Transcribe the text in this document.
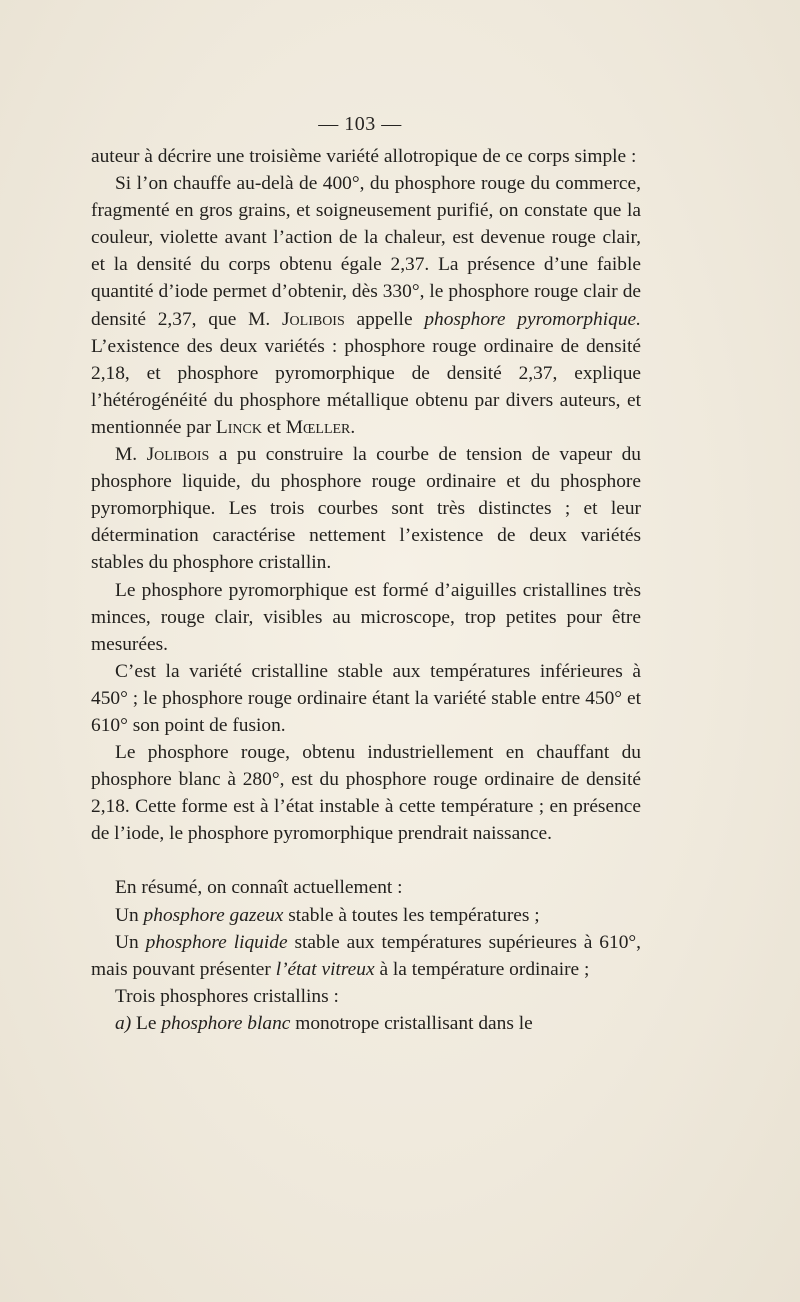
— 103 —

auteur à décrire une troisième variété allotropique de ce corps simple :

Si l’on chauffe au-delà de 400°, du phosphore rouge du commerce, fragmenté en gros grains, et soigneusement purifié, on constate que la couleur, violette avant l’action de la chaleur, est devenue rouge clair, et la densité du corps obtenu égale 2,37. La présence d’une faible quantité d’iode permet d’obtenir, dès 330°, le phosphore rouge clair de densité 2,37, que M. Jolibois appelle phosphore pyromorphique. L’existence des deux variétés : phosphore rouge ordinaire de densité 2,18, et phosphore pyromorphique de densité 2,37, explique l’hétérogénéité du phosphore métallique obtenu par divers auteurs, et mentionnée par Linck et Mœller.

M. Jolibois a pu construire la courbe de tension de vapeur du phosphore liquide, du phosphore rouge ordinaire et du phosphore pyromorphique. Les trois courbes sont très distinctes ; et leur détermination caractérise nettement l’existence de deux variétés stables du phosphore cristallin.

Le phosphore pyromorphique est formé d’aiguilles cristallines très minces, rouge clair, visibles au microscope, trop petites pour être mesurées.

C’est la variété cristalline stable aux températures inférieures à 450° ; le phosphore rouge ordinaire étant la variété stable entre 450° et 610° son point de fusion.

Le phosphore rouge, obtenu industriellement en chauffant du phosphore blanc à 280°, est du phosphore rouge ordinaire de densité 2,18. Cette forme est à l’état instable à cette température ; en présence de l’iode, le phosphore pyromorphique prendrait naissance.

En résumé, on connaît actuellement :

Un phosphore gazeux stable à toutes les températures ;

Un phosphore liquide stable aux températures supérieures à 610°, mais pouvant présenter l’état vitreux à la température ordinaire ;

Trois phosphores cristallins :

a) Le phosphore blanc monotrope cristallisant dans le
